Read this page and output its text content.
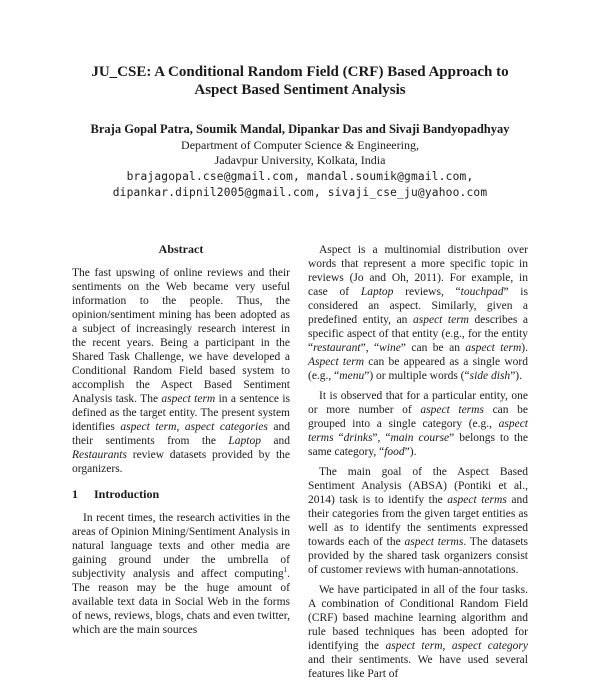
JU_CSE: A Conditional Random Field (CRF) Based Approach to
Aspect Based Sentiment Analysis
Braja Gopal Patra, Soumik Mandal, Dipankar Das and Sivaji Bandyopadhyay
Department of Computer Science & Engineering,
Jadavpur University, Kolkata, India
brajagopal.cse@gmail.com, mandal.soumik@gmail.com,
dipankar.dipnil2005@gmail.com, sivaji_cse_ju@yahoo.com
Abstract

The fast upswing of online reviews and their sentiments on the Web became very useful information to the people. Thus, the opinion/sentiment mining has been adopted as a subject of increasingly research interest in the recent years. Being a participant in the Shared Task Challenge, we have developed a Conditional Random Field based system to accomplish the Aspect Based Sentiment Analysis task. The aspect term in a sentence is defined as the target entity. The present system identifies aspect term, aspect categories and their sentiments from the Laptop and Restaurants review datasets provided by the organizers.

1 Introduction

In recent times, the research activities in the areas of Opinion Mining/Sentiment Analysis in natural language texts and other media are gaining ground under the umbrella of subjectivity analysis and affect computing$^1$. The reason may be the huge amount of available text data in Social Web in the forms of news, reviews, blogs, chats and even twitter, which are the main sources

Aspect is a multinomial distribution over words that represent a more specific topic in reviews (Jo and Oh, 2011). For example, in case of Laptop reviews, “touchpad” is considered an aspect. Similarly, given a predefined entity, an aspect term describes a specific aspect of that entity (e.g., for the entity “restaurant”, “wine” can be an aspect term). Aspect term can be appeared as a single word (e.g., “menu”) or multiple words (“side dish”).

It is observed that for a particular entity, one or more number of aspect terms can be grouped into a single category (e.g., aspect terms “drinks”, “main course” belongs to the same category, “food”).

The main goal of the Aspect Based Sentiment Analysis (ABSA) (Pontiki et al., 2014) task is to identify the aspect terms and their categories from the given target entities as well as to identify the sentiments expressed towards each of the aspect terms. The datasets provided by the shared task organizers consist of customer reviews with human-annotations.

We have participated in all of the four tasks. A combination of Conditional Random Field (CRF) based machine learning algorithm and rule based techniques has been adopted for identifying the aspect term, aspect category and their sentiments. We have used several features like Part of
